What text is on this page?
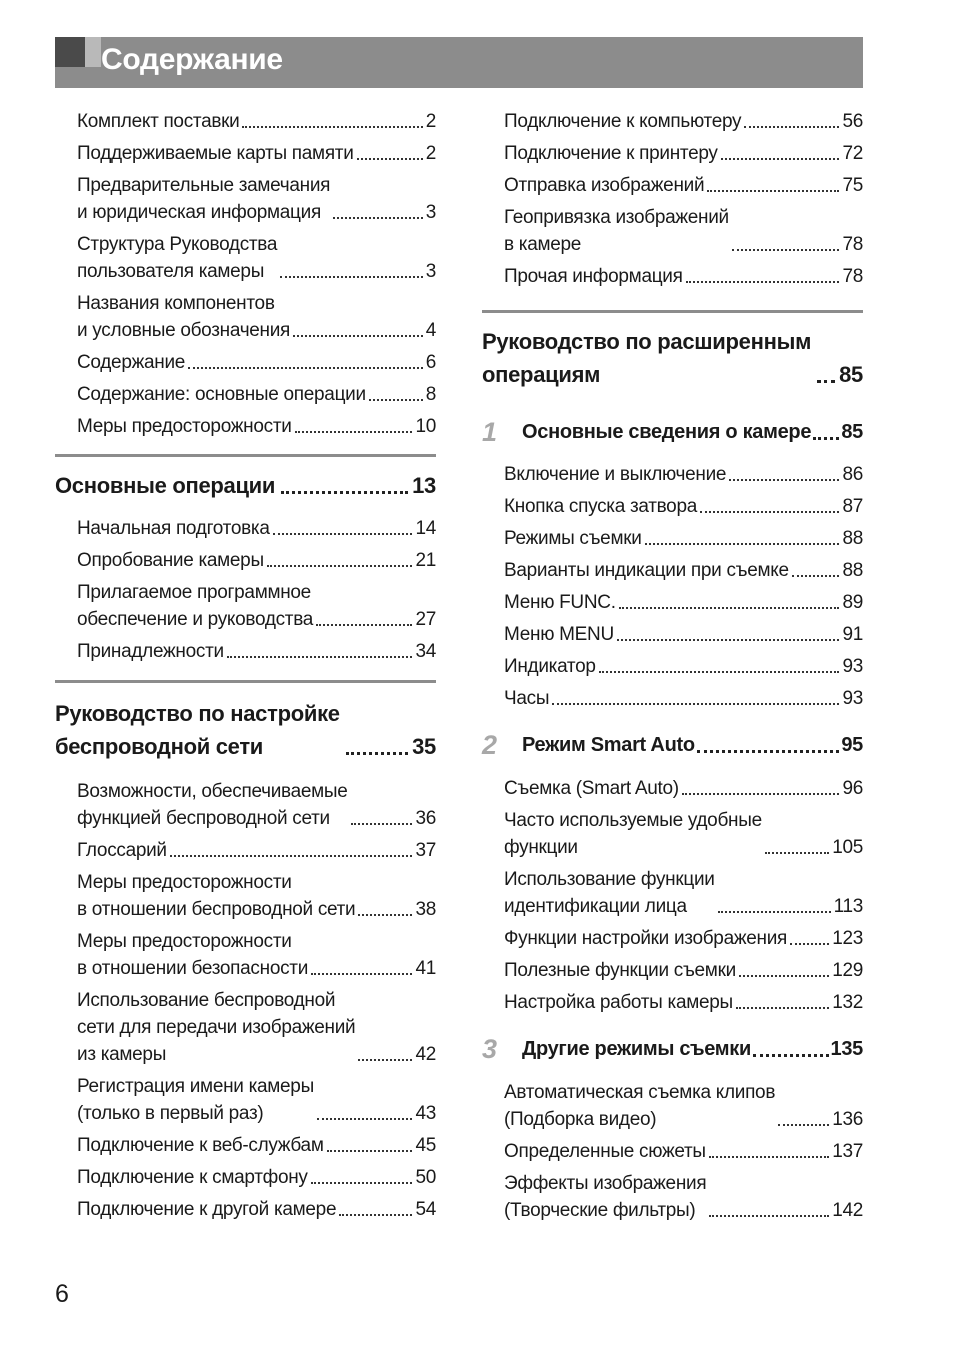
Содержание
Комплект поставки	2
Поддерживаемые карты памяти	2
Предварительные замечания
и юридическая информация	3
Структура Руководства
пользователя камеры	3
Названия компонентов
и условные обозначения	4
Содержание	6
Содержание: основные операции	8
Меры предосторожности	10
Основные операции	13
Начальная подготовка	14
Опробование камеры	21
Прилагаемое программное
обеспечение и руководства	27
Принадлежности	34
Руководство по настройке
беспроводной сети	35
Возможности, обеспечиваемые
функцией беспроводной сети	36
Глоссарий	37
Меры предосторожности
в отношении беспроводной сети	38
Меры предосторожности
в отношении безопасности	41
Использование беспроводной
сети для передачи изображений
из камеры	42
Регистрация имени камеры
(только в первый раз)	43
Подключение к веб-службам	45
Подключение к смартфону	50
Подключение к другой камере	54
Подключение к компьютеру	56
Подключение к принтеру	72
Отправка изображений	75
Геопривязка изображений
в камере	78
Прочая информация	78
Руководство по расширенным
операциям	85
1	Основные сведения о камере 85
Включение и выключение	86
Кнопка спуска затвора	87
Режимы съемки	88
Варианты индикации при съемке	88
Меню FUNC.	89
Меню MENU	91
Индикатор	93
Часы	93
2	Режим Smart Auto	95
Съемка (Smart Auto)	96
Часто используемые удобные
функции	105
Использование функции
идентификации лица	113
Функции настройки изображения 123
Полезные функции съемки	129
Настройка работы камеры	132
3	Другие режимы съемки	135
Автоматическая съемка клипов
(Подборка видео)	136
Определенные сюжеты	137
Эффекты изображения
(Творческие фильтры)	142
6
